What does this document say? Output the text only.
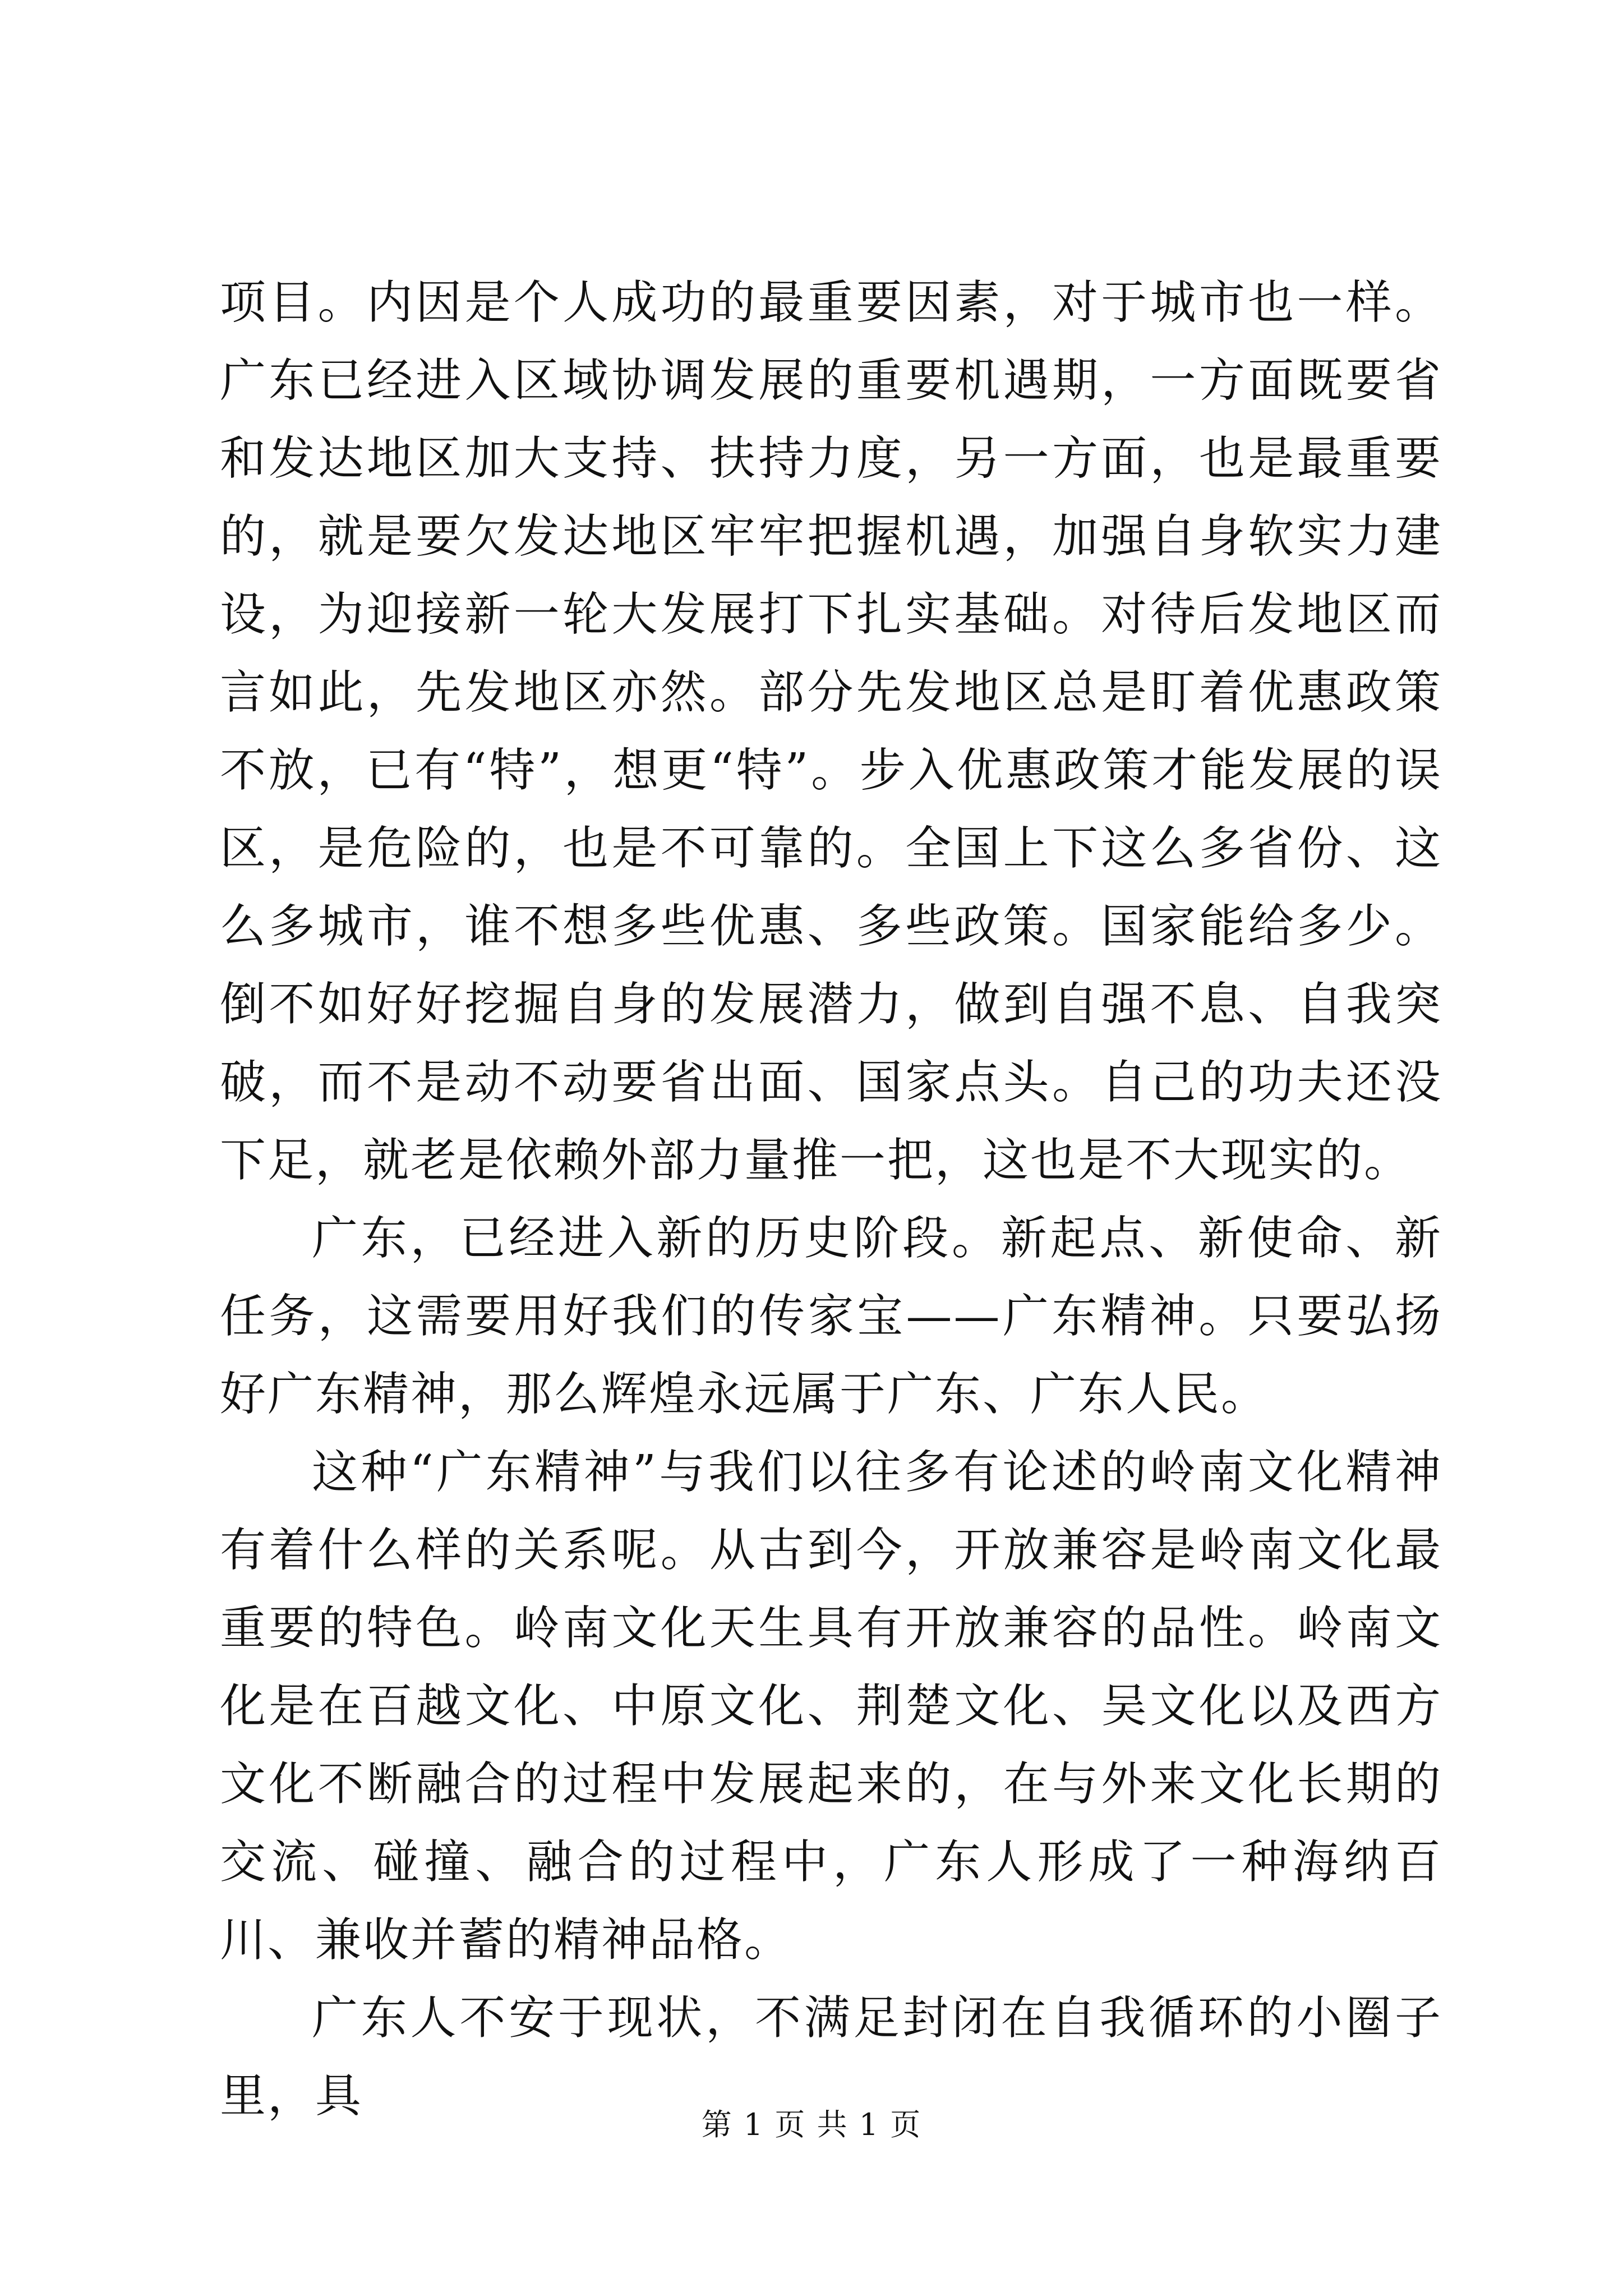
项目。内因是个人成功的最重要因素，对于城市也一样。广东已经进入区域协调发展的重要机遇期，一方面既要省和发达地区加大支持、扶持力度，另一方面，也是最重要的，就是要欠发达地区牢牢把握机遇，加强自身软实力建设，为迎接新一轮大发展打下扎实基础。对待后发地区而言如此，先发地区亦然。部分先发地区总是盯着优惠政策不放，已有“特”，想更“特”。步入优惠政策才能发展的误区，是危险的，也是不可靠的。全国上下这么多省份、这么多城市，谁不想多些优惠、多些政策。国家能给多少。倒不如好好挖掘自身的发展潜力，做到自强不息、自我突破，而不是动不动要省出面、国家点头。自己的功夫还没下足，就老是依赖外部力量推一把，这也是不大现实的。

广东，已经进入新的历史阶段。新起点、新使命、新任务，这需要用好我们的传家宝——广东精神。只要弘扬好广东精神，那么辉煌永远属于广东、广东人民。

这种“广东精神”与我们以往多有论述的岭南文化精神有着什么样的关系呢。从古到今，开放兼容是岭南文化最重要的特色。岭南文化天生具有开放兼容的品性。岭南文化是在百越文化、中原文化、荆楚文化、吴文化以及西方文化不断融合的过程中发展起来的，在与外来文化长期的交流、碰撞、融合的过程中，广东人形成了一种海纳百川、兼收并蓄的精神品格。

广东人不安于现状，不满足封闭在自我循环的小圈子里，具

第 1 页 共 1 页
